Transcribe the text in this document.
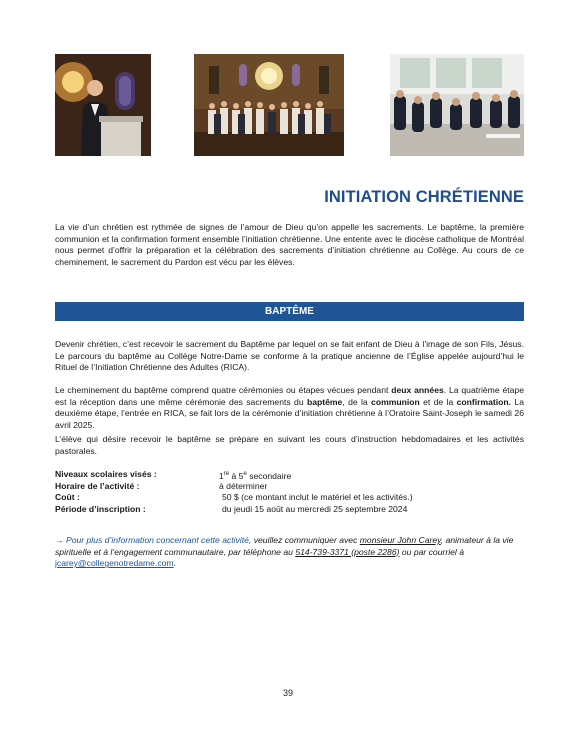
INITIATION CHRÉTIENNE
La vie d’un chrétien est rythmée de signes de l’amour de Dieu qu’on appelle les sacrements. Le baptême, la première communion et la confirmation forment ensemble l’initiation chrétienne. Une entente avec le diocèse catholique de Montréal nous permet d’offrir la préparation et la célébration des sacrements d’initiation chrétienne au Collège. Au cours de ce cheminement, le sacrement du Pardon est vécu par les élèves.
BAPTÊME
Devenir chrétien, c’est recevoir le sacrement du Baptême par lequel on se fait enfant de Dieu à l’image de son Fils, Jésus. Le parcours du baptême au Collège Notre-Dame se conforme à la pratique ancienne de l’Église appelée aujourd’hui le Rituel de l’Initiation Chrétienne des Adultes (RICA).
Le cheminement du baptême comprend quatre cérémonies ou étapes vécues pendant deux années. La quatrième étape est la réception dans une même cérémonie des sacrements du baptême, de la communion et de la confirmation. La deuxième étape, l’entrée en RICA, se fait lors de la cérémonie d’initiation chrétienne à l’Oratoire Saint-Joseph le samedi 26 avril 2025.
L’élève qui désire recevoir le baptême se prépare en suivant les cours d’instruction hebdomadaires et les activités pastorales.
Niveaux scolaires visés :	1re à 5e secondaire
Horaire de l’activité :	à déterminer
Coût :	50 $ (ce montant inclut le matériel et les activités.)
Période d’inscription :	du jeudi 15 août au mercredi 25 septembre 2024
→ Pour plus d’information concernant cette activité, veuillez communiquer avec monsieur John Carey, animateur à la vie spirituelle et à l’engagement communautaire, par téléphone au 514-739-3371 (poste 2286) ou par courriel à jcarey@collegenotredame.com.
39
